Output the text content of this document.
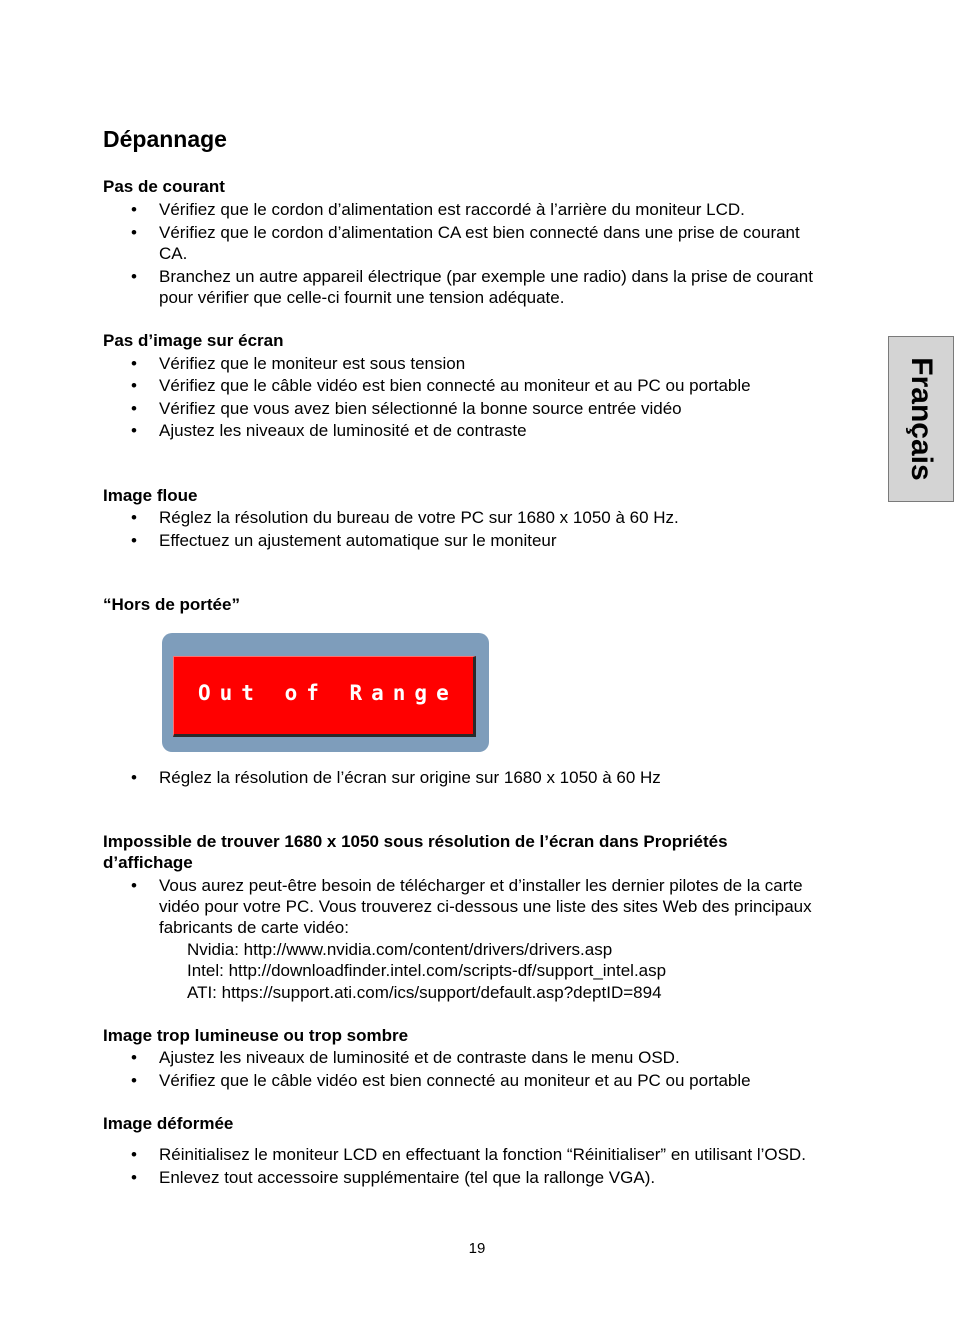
Dépannage
Français
Pas de courant
• Vérifiez que le cordon d’alimentation est raccordé à l’arrière du moniteur LCD.
• Vérifiez que le cordon d’alimentation CA est bien connecté dans une prise de courant CA.
• Branchez un autre appareil électrique (par exemple une radio) dans la prise de courant pour vérifier que celle-ci fournit une tension adéquate.
Pas d’image sur écran
• Vérifiez que le moniteur est sous tension
• Vérifiez que le câble vidéo est bien connecté au moniteur et au PC ou portable
• Vérifiez que vous avez bien sélectionné la bonne source entrée vidéo
• Ajustez les niveaux de luminosité et de contraste
Image floue
• Réglez la résolution du bureau de votre PC sur 1680 x 1050 à 60 Hz.
• Effectuez un ajustement automatique sur le moniteur
“Hors de portée”
Out of Range
• Réglez la résolution de l’écran sur origine sur 1680 x 1050 à 60 Hz
Impossible de trouver 1680 x 1050 sous résolution de l’écran dans Propriétés d’affichage
• Vous aurez peut-être besoin de télécharger et d’installer les dernier pilotes de la carte vidéo pour votre PC. Vous trouverez ci-dessous une liste des sites Web des principaux fabricants de carte vidéo:
Nvidia: http://www.nvidia.com/content/drivers/drivers.asp
Intel: http://downloadfinder.intel.com/scripts-df/support_intel.asp
ATI: https://support.ati.com/ics/support/default.asp?deptID=894
Image trop lumineuse ou trop sombre
• Ajustez les niveaux de luminosité et de contraste dans le menu OSD.
• Vérifiez que le câble vidéo est bien connecté au moniteur et au PC ou portable
Image déformée
• Réinitialisez le moniteur LCD en effectuant la fonction “Réinitialiser” en utilisant l’OSD.
• Enlevez tout accessoire supplémentaire (tel que la rallonge VGA).
19
